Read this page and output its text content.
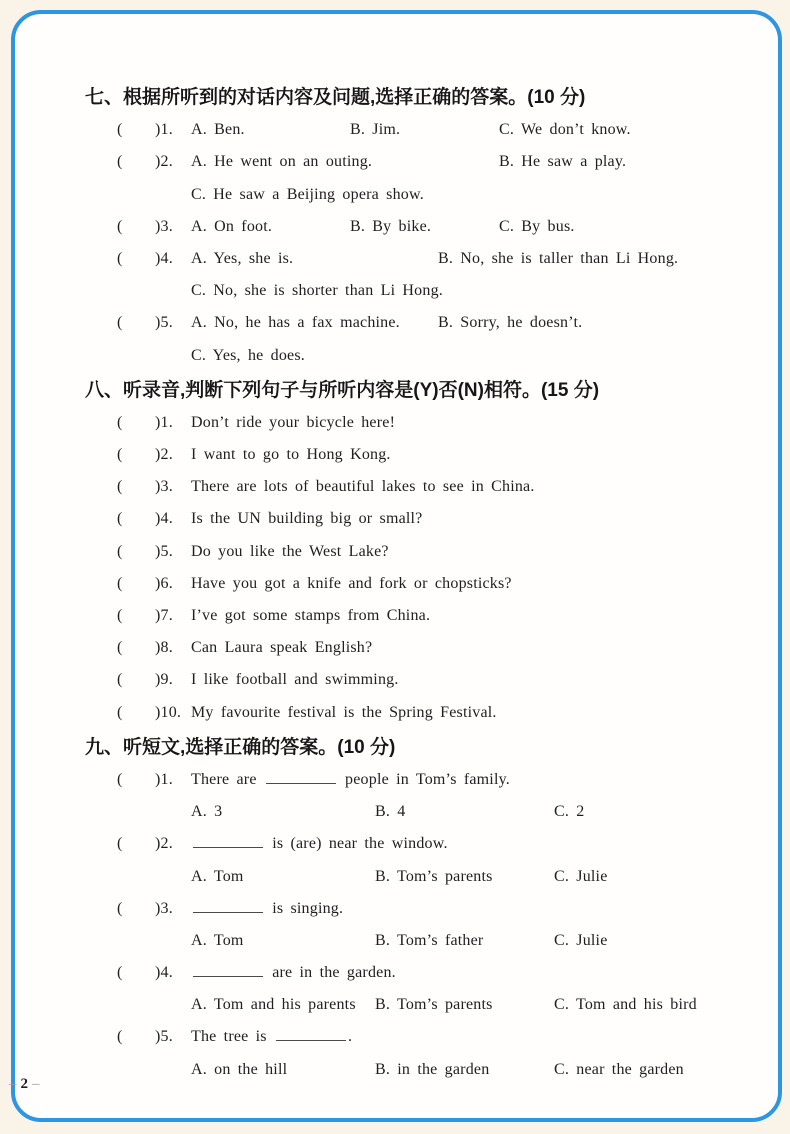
七、根据所听到的对话内容及问题,选择正确的答案。(10 分)
( )1. A. Ben.	B. Jim.	C. We don’t know.
( )2. A. He went on an outing.	B. He saw a play.
C. He saw a Beijing opera show.
( )3. A. On foot.	B. By bike.	C. By bus.
( )4. A. Yes, she is.	B. No, she is taller than Li Hong.
C. No, she is shorter than Li Hong.
( )5. A. No, he has a fax machine. B. Sorry, he doesn’t.
C. Yes, he does.
八、听录音,判断下列句子与所听内容是(Y)否(N)相符。(15 分)
( )1. Don’t ride your bicycle here!
( )2. I want to go to Hong Kong.
( )3. There are lots of beautiful lakes to see in China.
( )4. Is the UN building big or small?
( )5. Do you like the West Lake?
( )6. Have you got a knife and fork or chopsticks?
( )7. I’ve got some stamps from China.
( )8. Can Laura speak English?
( )9. I like football and swimming.
( )10. My favourite festival is the Spring Festival.
九、听短文,选择正确的答案。(10 分)
( )1. There are	people in Tom’s family.
A. 3	B. 4	C. 2
( )2.	is (are) near the window.
A. Tom	B. Tom’s parents	C. Julie
( )3.	is singing.
A. Tom	B. Tom’s father	C. Julie
( )4.	are in the garden.
A. Tom and his parents B. Tom’s parents	C. Tom and his bird
( )5. The tree is	.
A. on the hill	B. in the garden	C. near the garden
– 2 –
